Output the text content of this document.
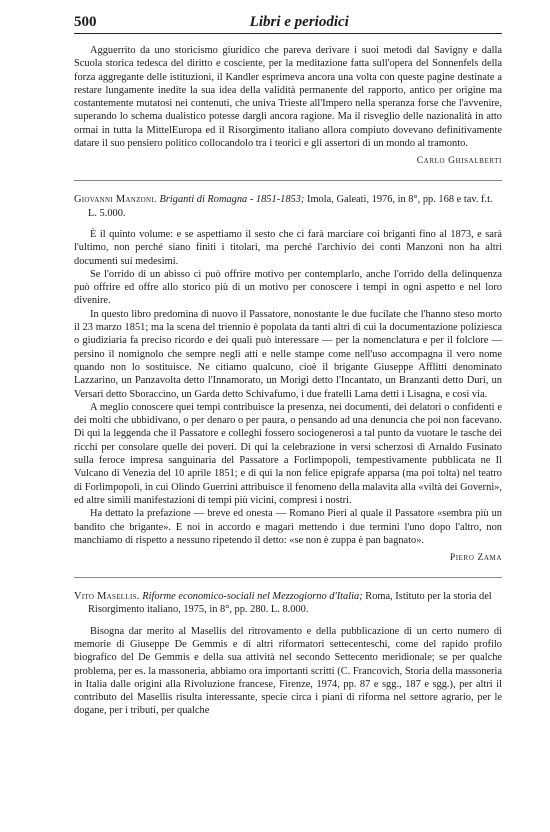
500	Libri e periodici

Agguerrito da uno storicismo giuridico che pareva derivare i suoi metodi dal Savigny e dalla Scuola storica tedesca del diritto e cosciente, per la meditazione fatta sull'opera del Sonnenfels della forza aggregante delle istituzioni, il Kandler esprimeva ancora una volta con queste pagine destinate a restare lungamente inedite la sua idea della validità permanente del rapporto, antico per origine ma costantemente mutatosi nei contenuti, che univa Trieste all'Impero nella speranza forse che l'avvenire, superando lo schema dualistico potesse dargli ancora ragione. Ma il risveglio delle nazionalità in atto ormai in tutta la MittelEuropa ed il Risorgimento italiano allora compiuto dovevano definitivamente datare il suo pensiero politico collocandolo tra i teorici e gli assertori di un mondo al tramonto.

Carlo Ghisalberti
Giovanni Manzoni. Briganti di Romagna - 1851-1853; Imola, Galeati, 1976, in 8°, pp. 168 e tav. f.t. L. 5.000.

È il quinto volume: e se aspettiamo il sesto che ci farà marciare coi briganti fino al 1873, e sarà l'ultimo, non perché siano finiti i titolari, ma perché l'archivio dei conti Manzoni non ha altri documenti sui medesimi.

Se l'orrido di un abisso ci può offrire motivo per contemplarlo, anche l'orrido della delinquenza può offrire ed offre allo storico più di un motivo per conoscere i tempi in ogni aspetto e nel loro divenire.

In questo libro predomina di nuovo il Passatore, nonostante le due fucilate che l'hanno steso morto il 23 marzo 1851; ma la scena del triennio è popolata da tanti altri di cui la documentazione poliziesca o giudiziaria fa preciso ricordo e dei quali può interessare — per la nomenclatura e per il folclore — persino il nomignolo che sempre negli atti e nelle stampe come nell'uso accompagna il vero nome quando non lo sostituisce. Ne citiamo qualcuno, cioè il brigante Giuseppe Afflitti denominato Lazzarino, un Panzavolta detto l'Innamorato, un Morigi detto l'Incantato, un Branzanti detto Duri, un Versari detto Sboraccino, un Garda detto Schivafumo, i due fratelli Lama detti i Lisagna, e così via.

A meglio conoscere quei tempi contribuisce la presenza, nei documenti, dei delatori o confidenti e dei molti che ubbidivano, o per denaro o per paura, o pensando ad una denuncia che poi non facevano. Di qui la leggenda che il Passatore e colleghi fossero sociogenerosi a tal punto da vuotare le tasche dei ricchi per consolare quelle dei poveri. Di qui la celebrazione in versi scherzosi di Arnaldo Fusinato sulla feroce impresa sanguinaria del Passatore a Forlimpopoli, tempestivamente pubblicata ne Il Vulcano di Venezia del 10 aprile 1851; e di qui la non felice epigrafe apparsa (ma poi tolta) nel teatro di Forlimpopoli, in cui Olindo Guerrini attribuisce il fenomeno della malavita alla «viltà dei Governi», ed altre simili manifestazioni di tempi più vicini, compresi i nostri.

Ha dettato la prefazione — breve ed onesta — Romano Pieri al quale il Passatore «sembra più un bandito che brigante». E noi in accordo e magari mettendo i due termini l'uno dopo l'altro, non manchiamo di rispetto a nessuno ripetendo il detto: «se non è zuppa è pan bagnato».

Piero Zama
Vito Masellis. Riforme economico-sociali nel Mezzogiorno d'Italia; Roma, Istituto per la storia del Risorgimento italiano, 1975, in 8°, pp. 280. L. 8.000.

Bisogna dar merito al Masellis del ritrovamento e della pubblicazione di un certo numero di memorie di Giuseppe De Gemmis e di altri riformatori settecenteschi, come del rapido profilo biografico del De Gemmis e della sua attività nel secondo Settecento meridionale; se per qualche problema, per es. la massoneria, abbiamo ora importanti scritti (C. Francovich, Storia della massoneria in Italia dalle origini alla Rivoluzione francese, Firenze, 1974, pp. 87 e sgg., 187 e sgg.), per altri il contributo del Masellis risulta interessante, specie circa i piani di riforma nel settore agrario, per le dogane, per i tributi, per qualche
